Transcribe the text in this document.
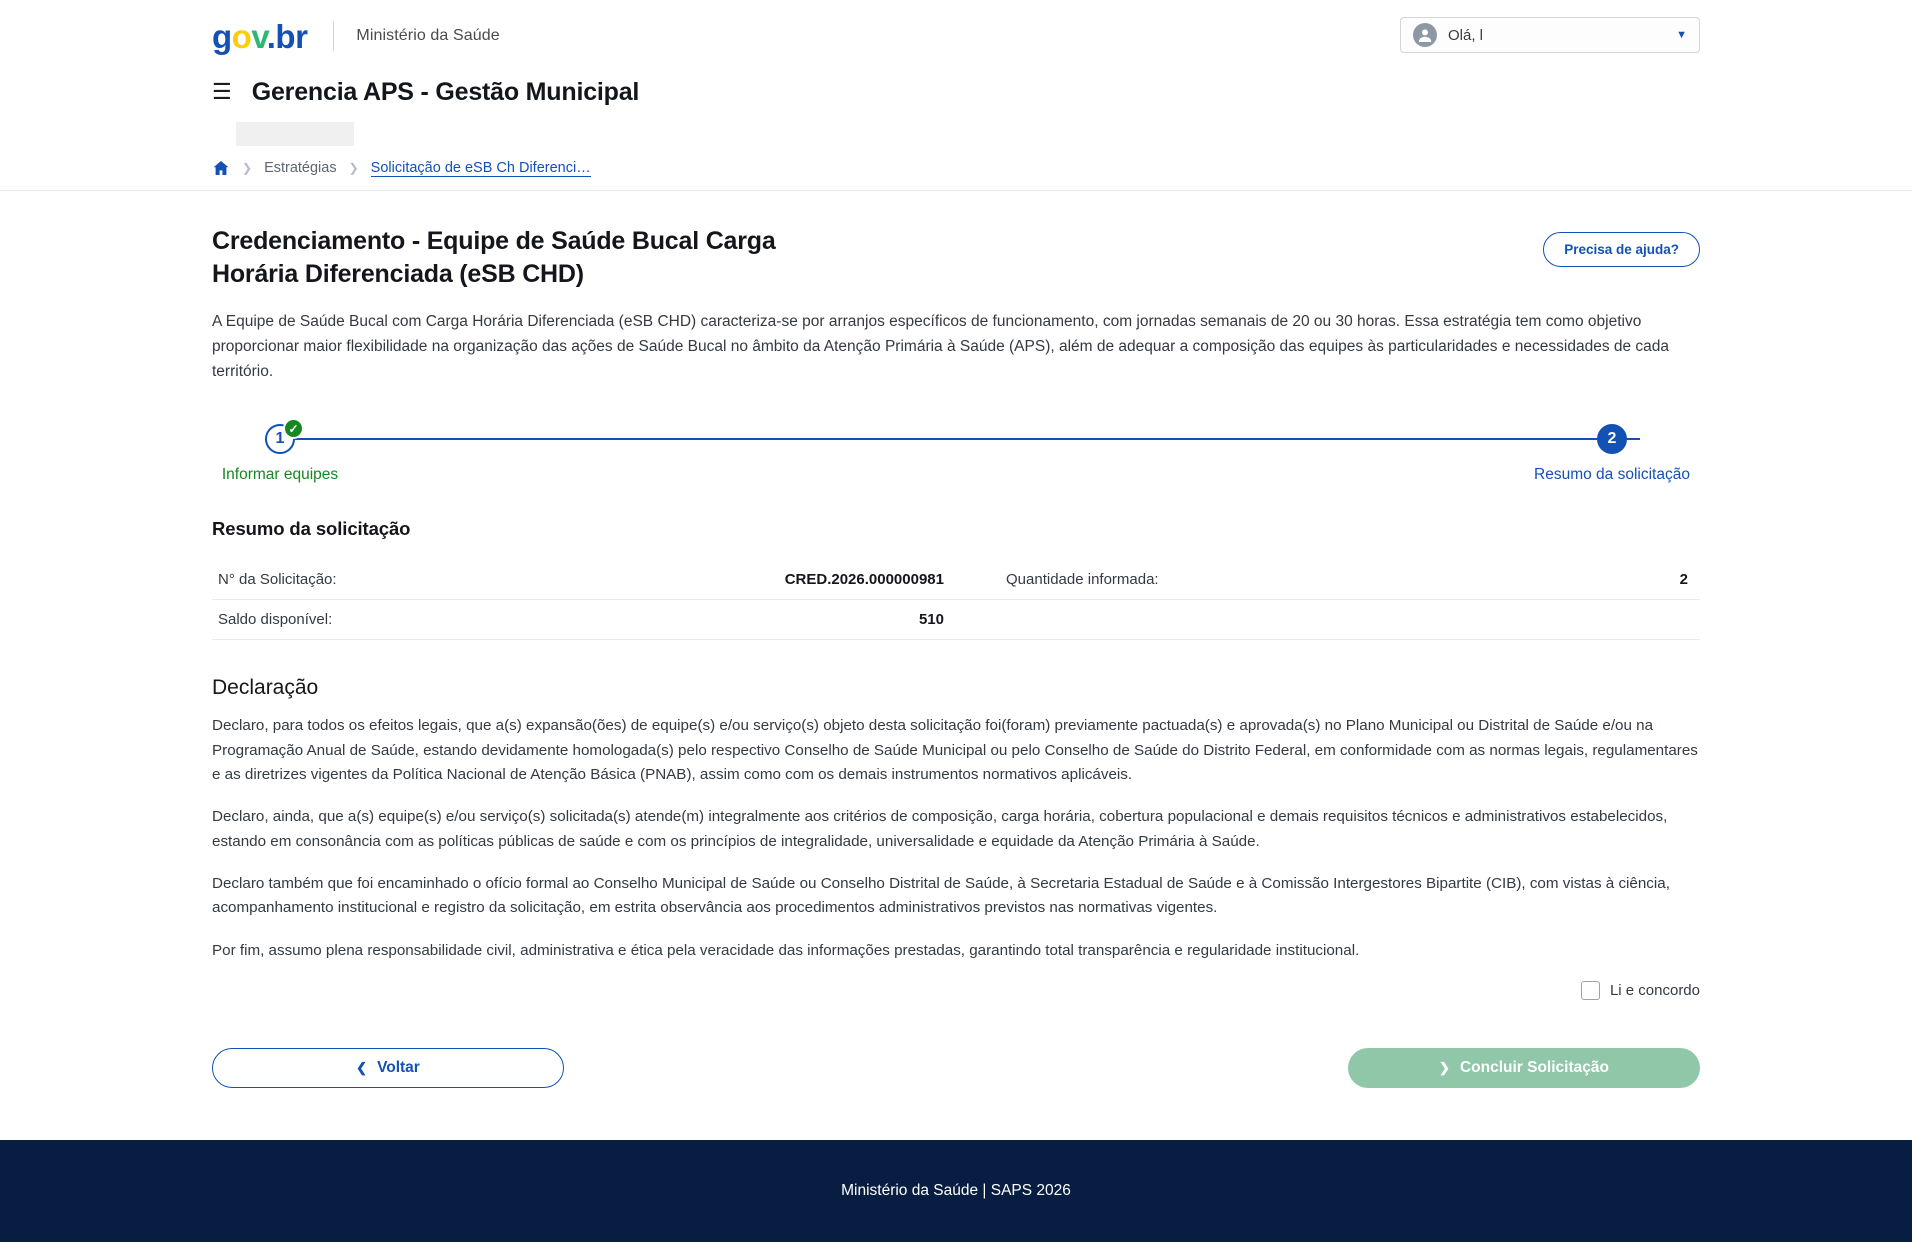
gov.br	Ministério da Saúde	Olá, l	▼
☰ Gerencia APS - Gestão Municipal
❯ Estratégias ❯ Solicitação de eSB Ch Diferenci…
Credenciamento - Equipe de Saúde Bucal Carga Horária Diferenciada (eSB CHD)
Precisa de ajuda?

A Equipe de Saúde Bucal com Carga Horária Diferenciada (eSB CHD) caracteriza-se por arranjos específicos de funcionamento, com jornadas semanais de 20 ou 30 horas. Essa estratégia tem como objetivo proporcionar maior flexibilidade na organização das ações de Saúde Bucal no âmbito da Atenção Primária à Saúde (APS), além de adequar a composição das equipes às particularidades e necessidades de cada território.

1
✓
Informar equipes
2
Resumo da solicitação
Resumo da solicitação
N° da Solicitação:	CRED.2026.000000981	Quantidade informada:	2
Saldo disponível:	510
Declaração

Declaro, para todos os efeitos legais, que a(s) expansão(ões) de equipe(s) e/ou serviço(s) objeto desta solicitação foi(foram) previamente pactuada(s) e aprovada(s) no Plano Municipal ou Distrital de Saúde e/ou na Programação Anual de Saúde, estando devidamente homologada(s) pelo respectivo Conselho de Saúde Municipal ou pelo Conselho de Saúde do Distrito Federal, em conformidade com as normas legais, regulamentares e as diretrizes vigentes da Política Nacional de Atenção Básica (PNAB), assim como com os demais instrumentos normativos aplicáveis.

Declaro, ainda, que a(s) equipe(s) e/ou serviço(s) solicitada(s) atende(m) integralmente aos critérios de composição, carga horária, cobertura populacional e demais requisitos técnicos e administrativos estabelecidos, estando em consonância com as políticas públicas de saúde e com os princípios de integralidade, universalidade e equidade da Atenção Primária à Saúde.

Declaro também que foi encaminhado o ofício formal ao Conselho Municipal de Saúde ou Conselho Distrital de Saúde, à Secretaria Estadual de Saúde e à Comissão Intergestores Bipartite (CIB), com vistas à ciência, acompanhamento institucional e registro da solicitação, em estrita observância aos procedimentos administrativos previstos nas normativas vigentes.

Por fim, assumo plena responsabilidade civil, administrativa e ética pela veracidade das informações prestadas, garantindo total transparência e regularidade institucional.

Li e concordo
❮ Voltar	❯ Concluir Solicitação
Ministério da Saúde | SAPS 2026
